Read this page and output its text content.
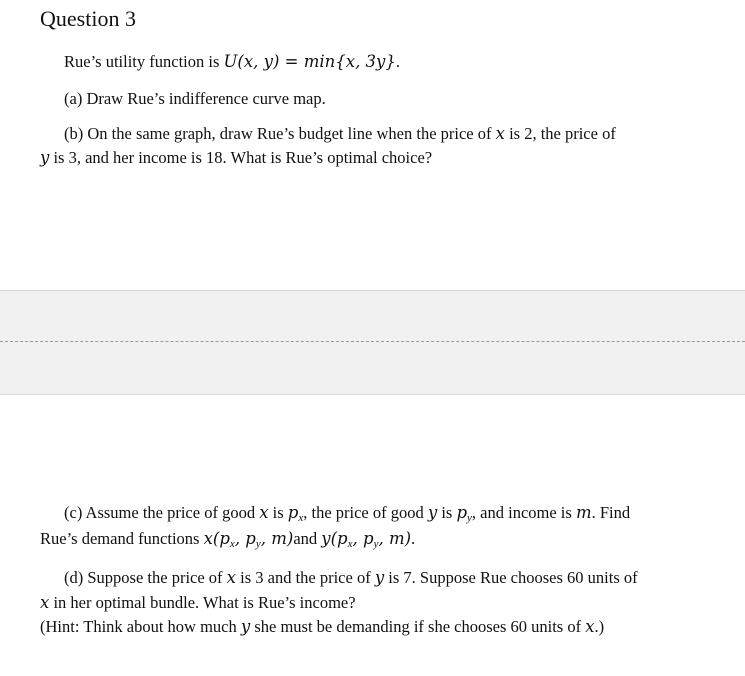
Question 3
Rue’s utility function is U(x, y) = min{x, 3y}.
(a) Draw Rue’s indifference curve map.
(b) On the same graph, draw Rue’s budget line when the price of x is 2, the price of
y is 3, and her income is 18. What is Rue’s optimal choice?
(c) Assume the price of good x is $p_x$, the price of good y is $p_y$, and income is m. Find
Rue’s demand functions $x(p_x$, $p_y$, m)and $y(p_x$, $p_y$, m).
(d) Suppose the price of x is 3 and the price of y is 7. Suppose Rue chooses 60 units of
x in her optimal bundle. What is Rue’s income?
(Hint: Think about how much y she must be demanding if she chooses 60 units of x.)
